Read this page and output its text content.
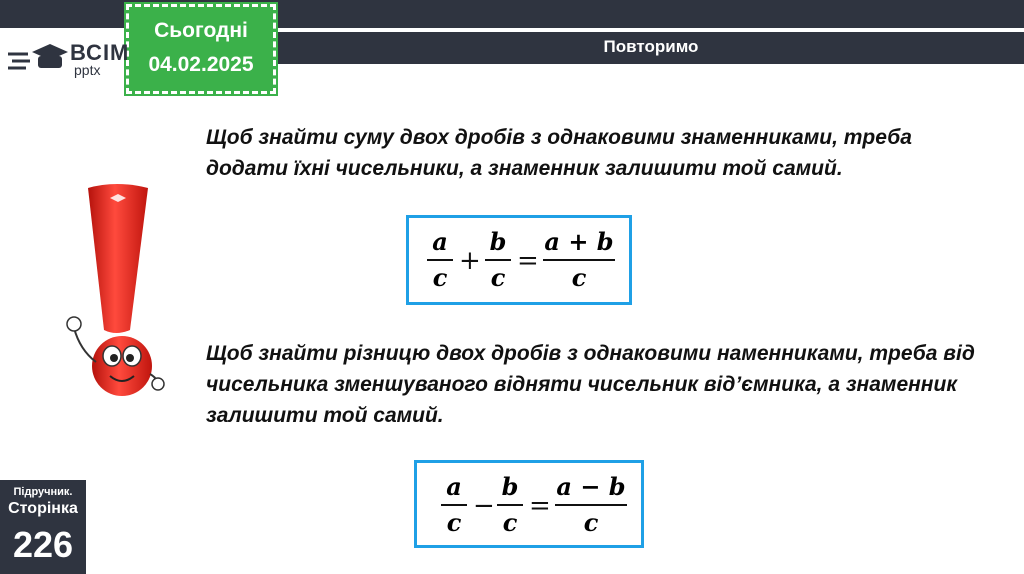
Повторимо
Сьогодні
04.02.2025
ВСІМ
pptx
Щоб знайти суму двох дробів з однаковими знаменниками, треба додати їхні чисельники, а знаменник залишити той самий.
a
c
+
b
c
=
a + b
c
Щоб знайти різницю двох дробів з однаковими наменниками, треба від чисельника зменшуваного відняти чисельник від’ємника, а знаменник залишити той самий.
a
c
−
b
c
=
a − b
c
Підручник.
Сторінка
226
